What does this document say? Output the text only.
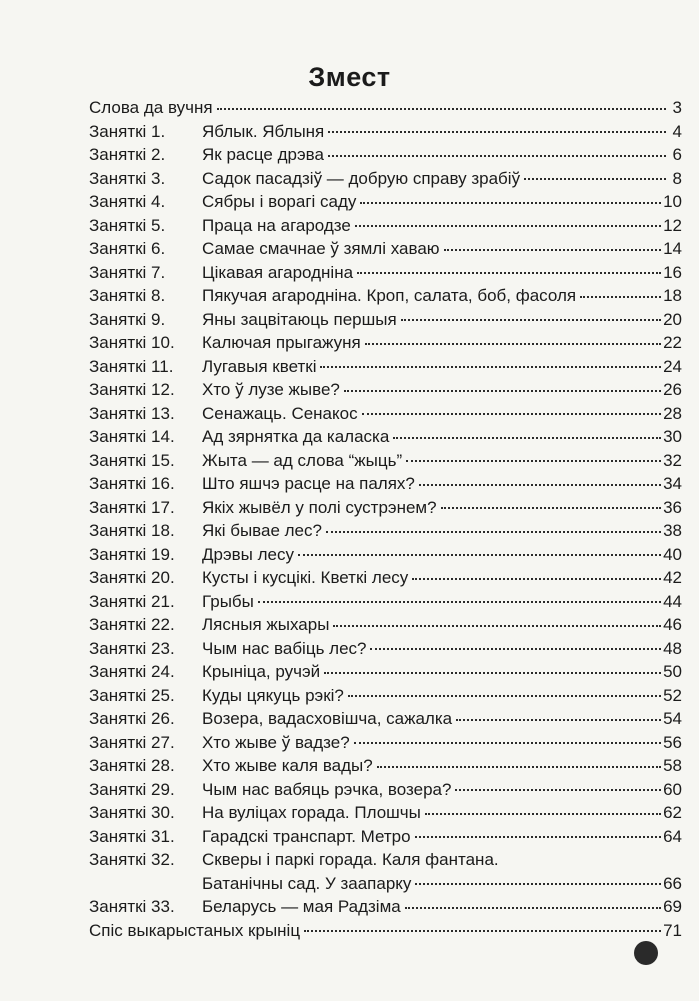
Змест
Слова да вучня	3
Заняткі 1.	Яблык. Яблыня	4
Заняткі 2.	Як расце дрэва	6
Заняткі 3.	Садок пасадзіў — добрую справу зрабіў	8
Заняткі 4.	Сябры і ворагі саду	10
Заняткі 5.	Праца на агародзе	12
Заняткі 6.	Самае смачнае ў зямлі хаваю	14
Заняткі 7.	Цікавая агародніна	16
Заняткі 8.	Пякучая агародніна. Кроп, салата, боб, фасоля	18
Заняткі 9.	Яны зацвітаюць першыя	20
Заняткі 10.	Калючая прыгажуня	22
Заняткі 11.	Лугавыя кветкі	24
Заняткі 12.	Хто ў лузе жыве?	26
Заняткі 13.	Сенажаць. Сенакос	28
Заняткі 14.	Ад зярнятка да каласка	30
Заняткі 15.	Жыта — ад слова “жыць”	32
Заняткі 16.	Што яшчэ расце на палях?	34
Заняткі 17.	Якіх жывёл у полі сустрэнем?	36
Заняткі 18.	Які бывае лес?	38
Заняткі 19.	Дрэвы лесу	40
Заняткі 20.	Кусты і кусцікі. Кветкі лесу	42
Заняткі 21.	Грыбы	44
Заняткі 22.	Лясныя жыхары	46
Заняткі 23.	Чым нас вабіць лес?	48
Заняткі 24.	Крыніца, ручэй	50
Заняткі 25.	Куды цякуць рэкі?	52
Заняткі 26.	Возера, вадасховішча, сажалка	54
Заняткі 27.	Хто жыве ў вадзе?	56
Заняткі 28.	Хто жыве каля вады?	58
Заняткі 29.	Чым нас вабяць рэчка, возера?	60
Заняткі 30.	На вуліцах горада. Плошчы	62
Заняткі 31.	Гарадскі транспарт. Метро	64
Заняткі 32.	Скверы і паркі горада. Каля фантана.
Батанічны сад. У заапарку	66
Заняткі 33.	Беларусь — мая Радзіма	69
Спіс выкарыстаных крыніц	71
